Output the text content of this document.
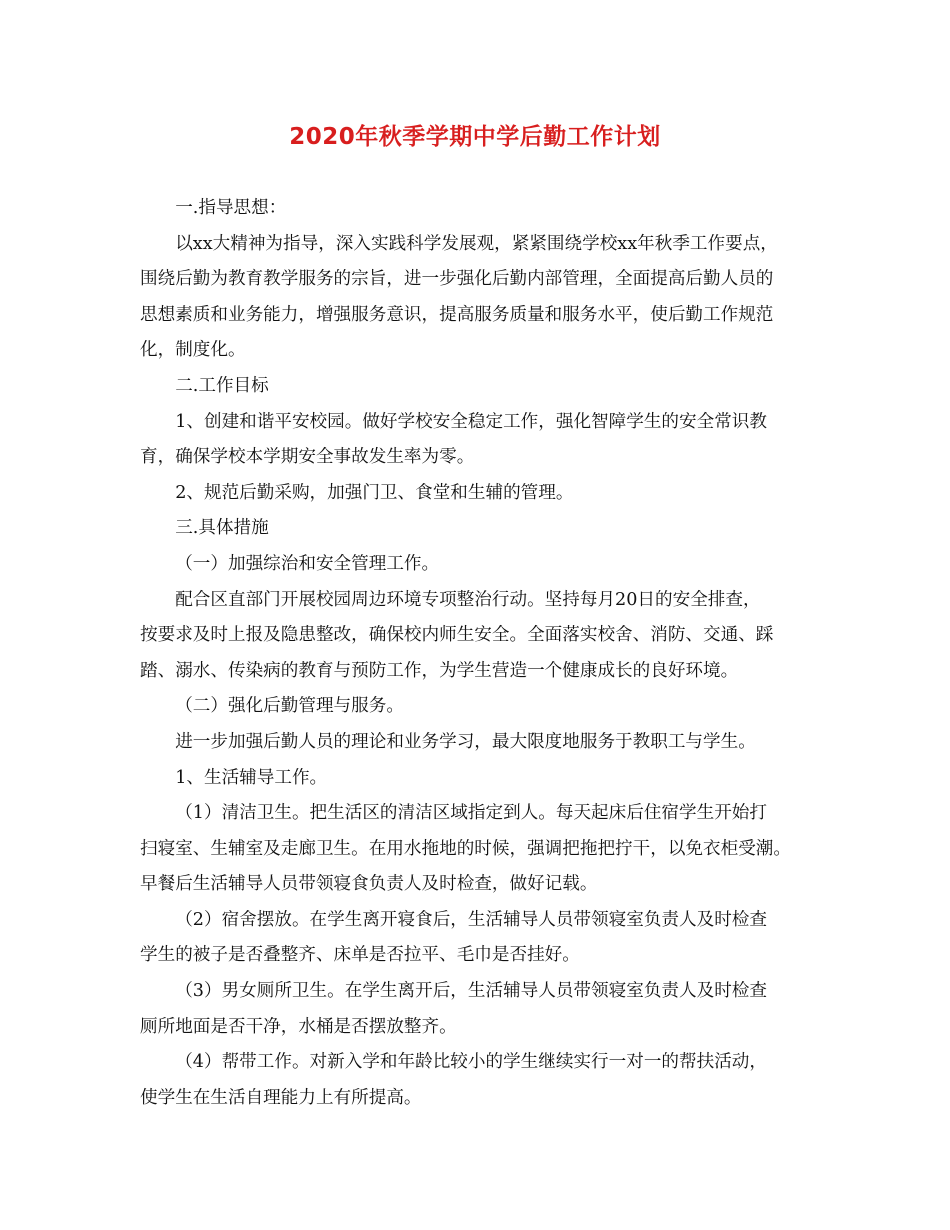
2020年秋季学期中学后勤工作计划

一.指导思想：

以xx大精神为指导，深入实践科学发展观，紧紧围绕学校xx年秋季工作要点，

围绕后勤为教育教学服务的宗旨，进一步强化后勤内部管理，全面提高后勤人员的

思想素质和业务能力，增强服务意识，提高服务质量和服务水平，使后勤工作规范

化，制度化。

二.工作目标

1、创建和谐平安校园。做好学校安全稳定工作，强化智障学生的安全常识教

育，确保学校本学期安全事故发生率为零。

2、规范后勤采购，加强门卫、食堂和生辅的管理。

三.具体措施

（一）加强综治和安全管理工作。

配合区直部门开展校园周边环境专项整治行动。坚持每月20日的安全排查，

按要求及时上报及隐患整改，确保校内师生安全。全面落实校舍、消防、交通、踩

踏、溺水、传染病的教育与预防工作，为学生营造一个健康成长的良好环境。

（二）强化后勤管理与服务。

进一步加强后勤人员的理论和业务学习，最大限度地服务于教职工与学生。

1、生活辅导工作。

（1）清洁卫生。把生活区的清洁区域指定到人。每天起床后住宿学生开始打

扫寝室、生辅室及走廊卫生。在用水拖地的时候，强调把拖把拧干，以免衣柜受潮。

早餐后生活辅导人员带领寝食负责人及时检查，做好记载。

（2）宿舍摆放。在学生离开寝食后，生活辅导人员带领寝室负责人及时检查

学生的被子是否叠整齐、床单是否拉平、毛巾是否挂好。

（3）男女厕所卫生。在学生离开后，生活辅导人员带领寝室负责人及时检查

厕所地面是否干净，水桶是否摆放整齐。

（4）帮带工作。对新入学和年龄比较小的学生继续实行一对一的帮扶活动，

使学生在生活自理能力上有所提高。
